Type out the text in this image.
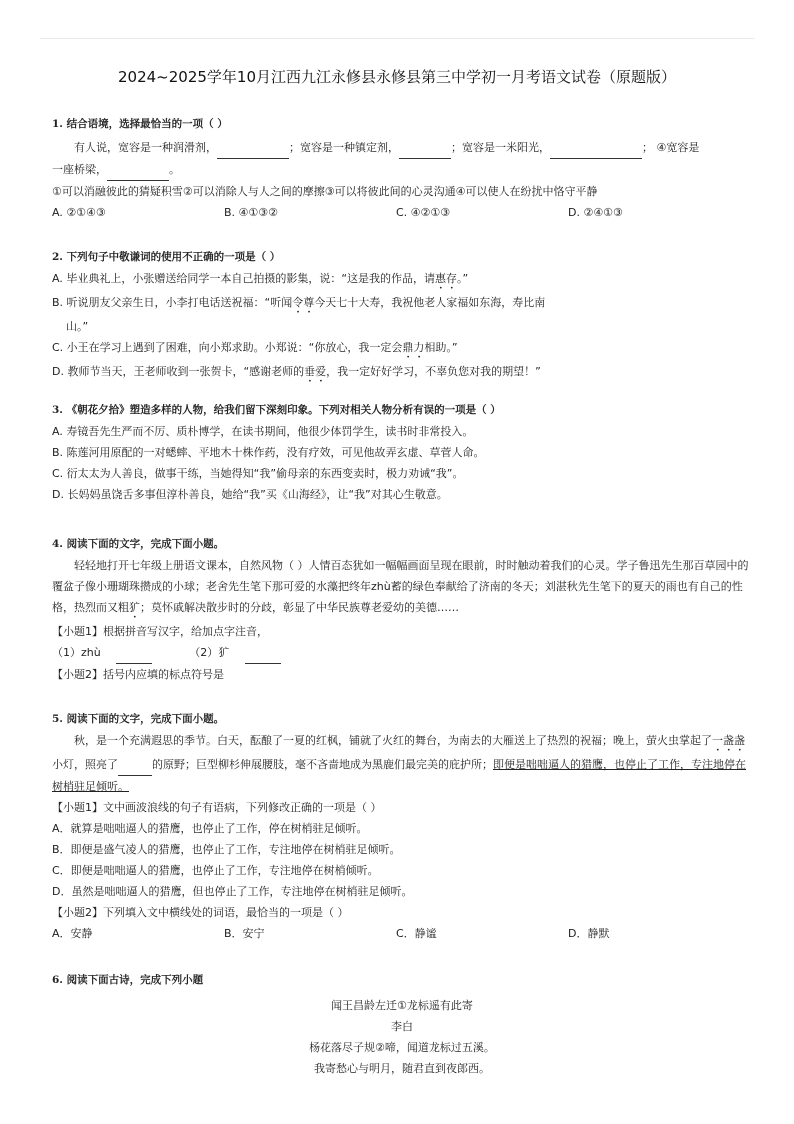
2024~2025学年10月江西九江永修县永修县第三中学初一月考语文试卷（原题版）
1. 结合语境，选择最恰当的一项（ ）
有人说，宽容是一种润滑剂，	；宽容是一种镇定剂，	；宽容是一米阳光，	； ④宽容是
一座桥梁，	。
①可以消融彼此的猜疑积雪②可以消除人与人之间的摩擦③可以将彼此间的心灵沟通④可以使人在纷扰中恪守平静
A. ②①④③	B. ④①③②	C. ④②①③	D. ②④①③
2. 下列句子中敬谦词的使用不正确的一项是（ ）
A. 毕业典礼上，小张赠送给同学一本自己拍摄的影集，说：“这是我的作品，请惠存。”
B. 听说朋友父亲生日，小李打电话送祝福：“听闻令尊今天七十大寿，我祝他老人家福如东海，寿比南
山。”
C. 小王在学习上遇到了困难，向小郑求助。小郑说：“你放心，我一定会鼎力相助。”
D. 教师节当天，王老师收到一张贺卡，“感谢老师的垂爱，我一定好好学习，不辜负您对我的期望！”
3. 《朝花夕拾》塑造多样的人物，给我们留下深刻印象。下列对相关人物分析有误的一项是（ ）
A. 寿镜吾先生严而不厉、质朴博学，在读书期间，他很少体罚学生，读书时非常投入。
B. 陈莲河用原配的一对蟋蟀、平地木十株作药，没有疗效，可见他故弄玄虚、草菅人命。
C. 衍太太为人善良，做事干练，当她得知“我”偷母亲的东西变卖时，极力劝诫“我”。
D. 长妈妈虽饶舌多事但淳朴善良，她给“我”买《山海经》，让“我”对其心生敬意。
4. 阅读下面的文字，完成下面小题。
轻轻地打开七年级上册语文课本，自然风物（ ）人情百态犹如一幅幅画面呈现在眼前，时时触动着我们的心灵。学子鲁迅先生那百草园中的覆盆子像小珊瑚珠攒成的小球；老舍先生笔下那可爱的水藻把终年zhù蓄的绿色奉献给了济南的冬天；刘湛秋先生笔下的夏天的雨也有自己的性格，热烈而又粗犷；莫怀戚解决散步时的分歧，彰显了中华民族尊老爱幼的美德……
【小题1】根据拼音写汉字，给加点字注音，
（1）zhù	（2）犷
【小题2】括号内应填的标点符号是
5. 阅读下面的文字，完成下面小题。
秋，是一个充满遐思的季节。白天，酝酿了一夏的红枫，铺就了火红的舞台，为南去的大雁送上了热烈的祝福；晚上，萤火虫掌起了一盏盏小灯，照亮了	的原野；巨型柳杉伸展腰肢，毫不吝啬地成为黑鹿们最完美的庇护所；即便是咄咄逼人的猎鹰，也停止了工作，专注地停在树梢驻足倾听。
【小题1】文中画波浪线的句子有语病，下列修改正确的一项是（ ）
A．就算是咄咄逼人的猎鹰，也停止了工作，停在树梢驻足倾听。
B．即便是盛气凌人的猎鹰，也停止了工作，专注地停在树梢驻足倾听。
C．即便是咄咄逼人的猎鹰，也停止了工作，专注地停在树梢倾听。
D．虽然是咄咄逼人的猎鹰，但也停止了工作，专注地停在树梢驻足倾听。
【小题2】下列填入文中横线处的词语，最恰当的一项是（ ）
A．安静	B．安宁	C．静谧	D．静默
6. 阅读下面古诗，完成下列小题
闻王昌龄左迁①龙标遥有此寄
李白
杨花落尽子规②啼，闻道龙标过五溪。
我寄愁心与明月，随君直到夜郎西。
